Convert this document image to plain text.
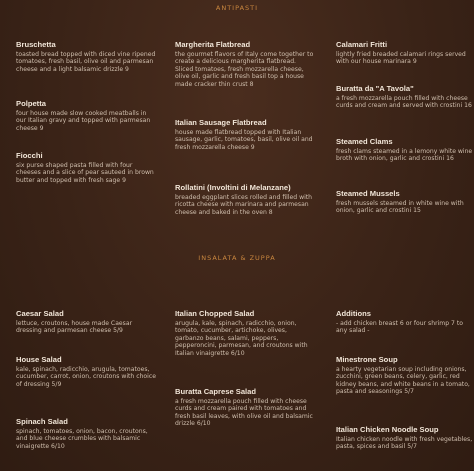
ANTIPASTI
Bruschetta
toasted bread topped with diced vine ripened tomatoes, fresh basil, olive oil and parmesan cheese and a light balsamic drizzle 9
Polpetta
four house made slow cooked meatballs in our Italian gravy and topped with parmesan cheese 9
Fiocchi
six purse shaped pasta filled with four cheeses and a slice of pear sauteed in brown butter and topped with fresh sage 9
Margherita Flatbread
the gourmet flavors of Italy come together to create a delicious margherita flatbread. Sliced tomatoes, fresh mozzarella cheese, olive oil, garlic and fresh basil top a house made cracker thin crust 8
Italian Sausage Flatbread
house made flatbread topped with Italian sausage, garlic, tomatoes, basil, olive oil and fresh mozzarella cheese 9
Rollatini (Involtini di Melanzane)
breaded eggplant slices rolled and filled with ricotta cheese with marinara and parmesan cheese and baked in the oven 8
Calamari Fritti
lightly fried breaded calamari rings served with our house marinara 9
Buratta da "A Tavola"
a fresh mozzarella pouch filled with cheese curds and cream and served with crostini 16
Steamed Clams
fresh clams steamed in a lemony white wine broth with onion, garlic and crostini 16
Steamed Mussels
fresh mussels steamed in white wine with onion, garlic and crostini 15
INSALATA & ZUPPA
Caesar Salad
lettuce, croutons, house made Caesar dressing and parmesan cheese 5/9
House Salad
kale, spinach, radicchio, arugula, tomatoes, cucumber, carrot, onion, croutons with choice of dressing 5/9
Spinach Salad
spinach, tomatoes, onion, bacon, croutons, and blue cheese crumbles with balsamic vinaigrette 6/10
Italian Chopped Salad
arugula, kale, spinach, radicchio, onion, tomato, cucumber, artichoke, olives, garbanzo beans, salami, peppers, pepperoncini, parmesan, and croutons with Italian vinaigrette 6/10
Buratta Caprese Salad
a fresh mozzarella pouch filled with cheese curds and cream paired with tomatoes and fresh basil leaves, with olive oil and balsamic drizzle 6/10
Additions
- add chicken breast 6 or four shrimp 7 to any salad -
Minestrone Soup
a hearty vegetarian soup including onions, zucchini, green beans, celery, garlic, red kidney beans, and white beans in a tomato, pasta and seasonings 5/7
Italian Chicken Noodle Soup
Italian chicken noodle with fresh vegetables, pasta, spices and basil 5/7
